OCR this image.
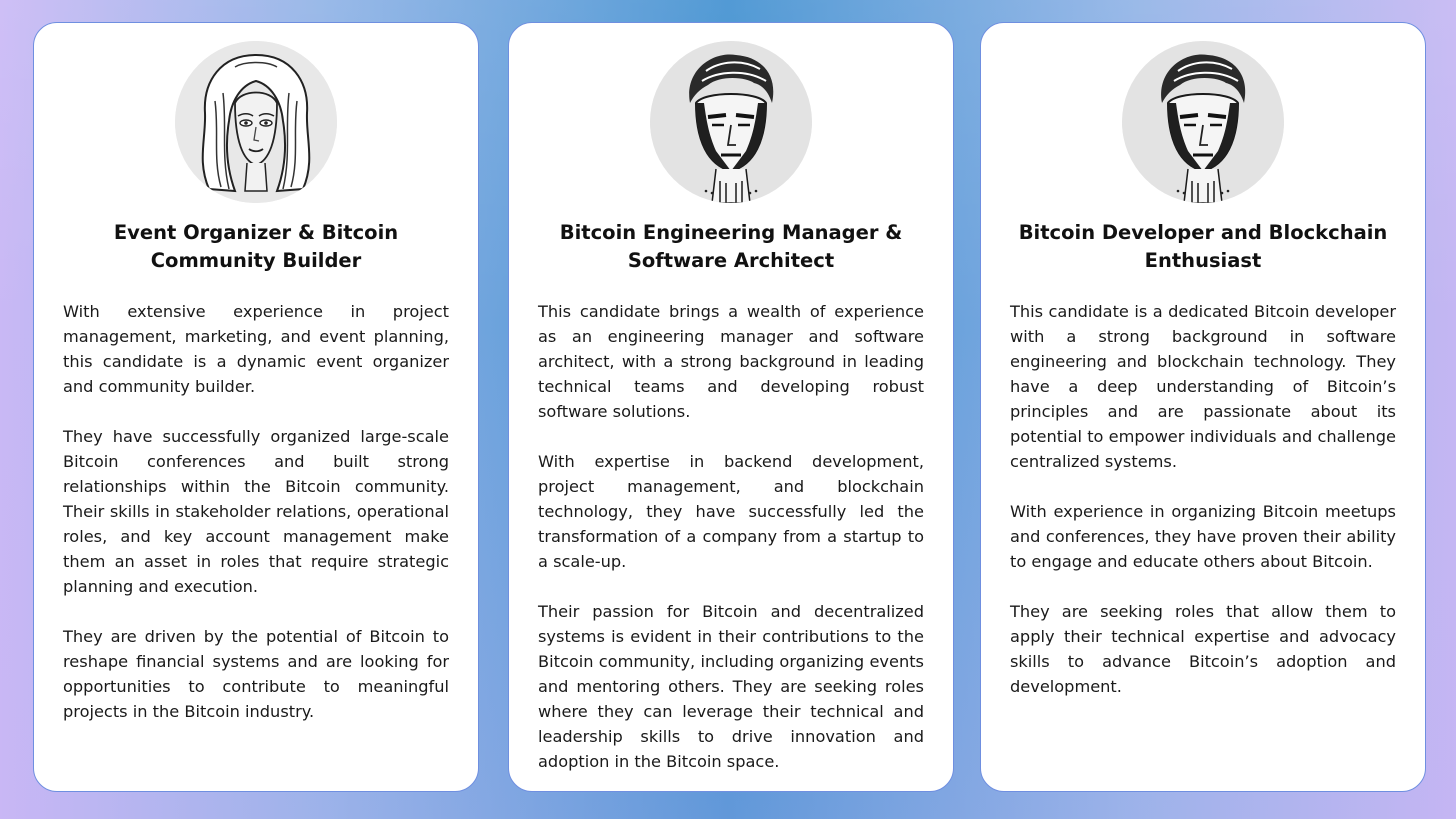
Event Organizer & Bitcoin
Community Builder

With extensive experience in project management, marketing, and event planning, this candidate is a dynamic event organizer and community builder.

They have successfully organized large-scale Bitcoin conferences and built strong relationships within the Bitcoin community. Their skills in stakeholder relations, operational roles, and key account management make them an asset in roles that require strategic planning and execution.

They are driven by the potential of Bitcoin to reshape financial systems and are looking for opportunities to contribute to meaningful projects in the Bitcoin industry.

Bitcoin Engineering Manager &
Software Architect

This candidate brings a wealth of experience as an engineering manager and software architect, with a strong background in leading technical teams and developing robust software solutions.

With expertise in backend development, project management, and blockchain technology, they have successfully led the transformation of a company from a startup to a scale-up.

Their passion for Bitcoin and decentralized systems is evident in their contributions to the Bitcoin community, including organizing events and mentoring others. They are seeking roles where they can leverage their technical and leadership skills to drive innovation and adoption in the Bitcoin space.

Bitcoin Developer and Blockchain
Enthusiast

This candidate is a dedicated Bitcoin developer with a strong background in software engineering and blockchain technology. They have a deep understanding of Bitcoin’s principles and are passionate about its potential to empower individuals and challenge centralized systems.

With experience in organizing Bitcoin meetups and conferences, they have proven their ability to engage and educate others about Bitcoin.

They are seeking roles that allow them to apply their technical expertise and advocacy skills to advance Bitcoin’s adoption and development.
